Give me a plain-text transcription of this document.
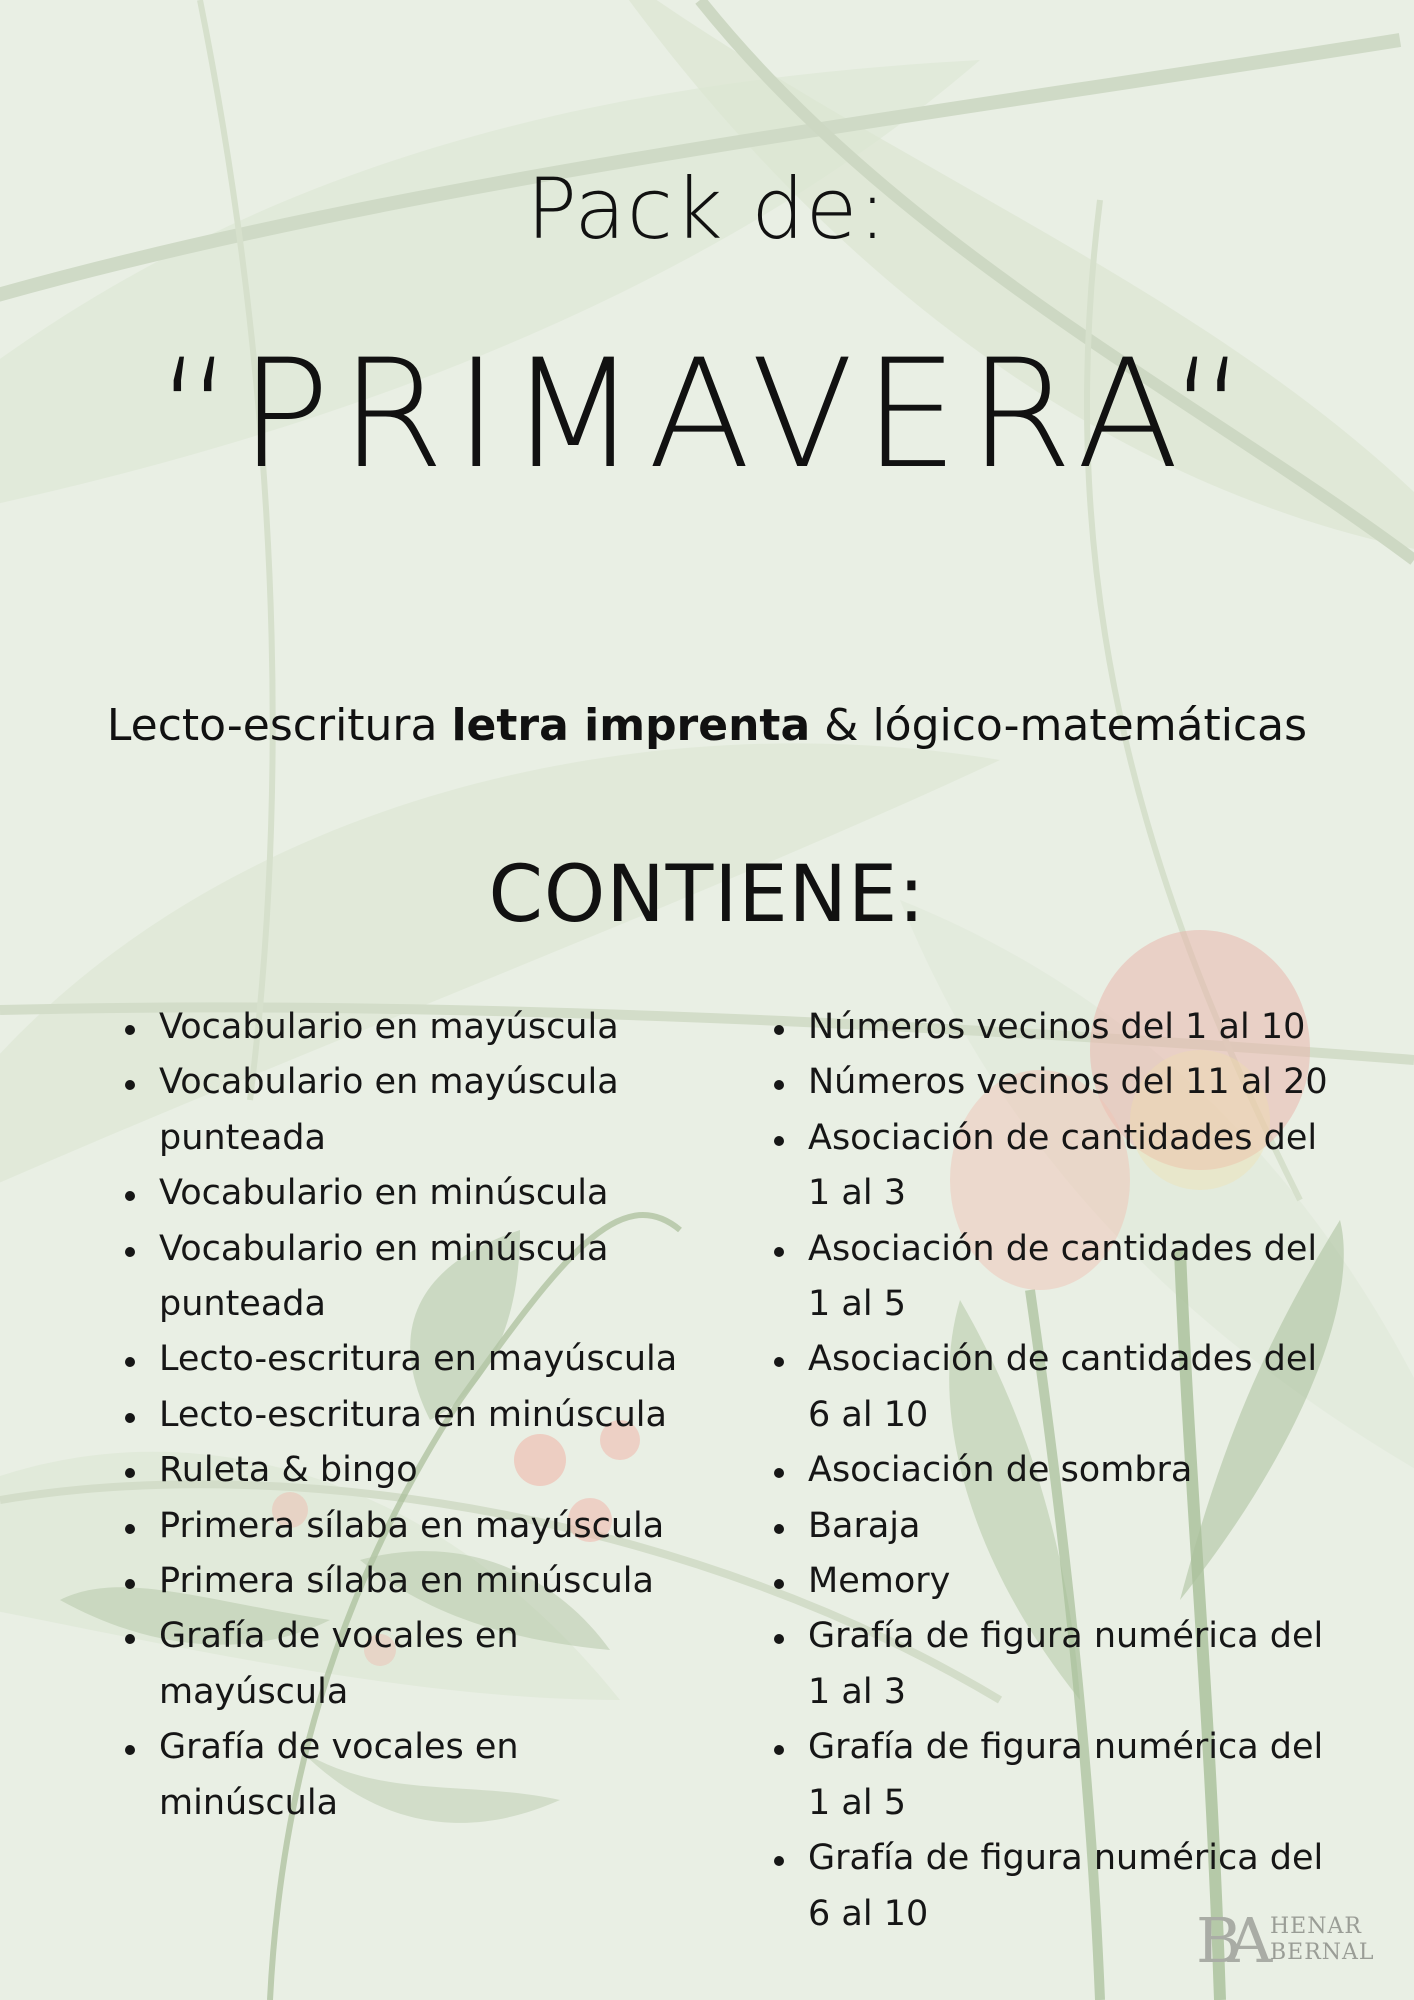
Pack de:
“PRIMAVERA“
Lecto-escritura letra imprenta & lógico-matemáticas
CONTIENE:
Vocabulario en mayúscula
Vocabulario en mayúscula punteada
Vocabulario en minúscula
Vocabulario en minúscula punteada
Lecto-escritura en mayúscula
Lecto-escritura en minúscula
Ruleta & bingo
Primera sílaba en mayúscula
Primera sílaba en minúscula
Grafía de vocales en mayúscula
Grafía de vocales en minúscula
Números vecinos del 1 al 10
Números vecinos del 11 al 20
Asociación de cantidades del 1 al 3
Asociación de cantidades del 1 al 5
Asociación de cantidades del 6 al 10
Asociación de sombra
Baraja
Memory
Grafía de figura numérica del 1 al 3
Grafía de figura numérica del 1 al 5
Grafía de figura numérica del 6 al 10	BA HENAR
BERNAL
